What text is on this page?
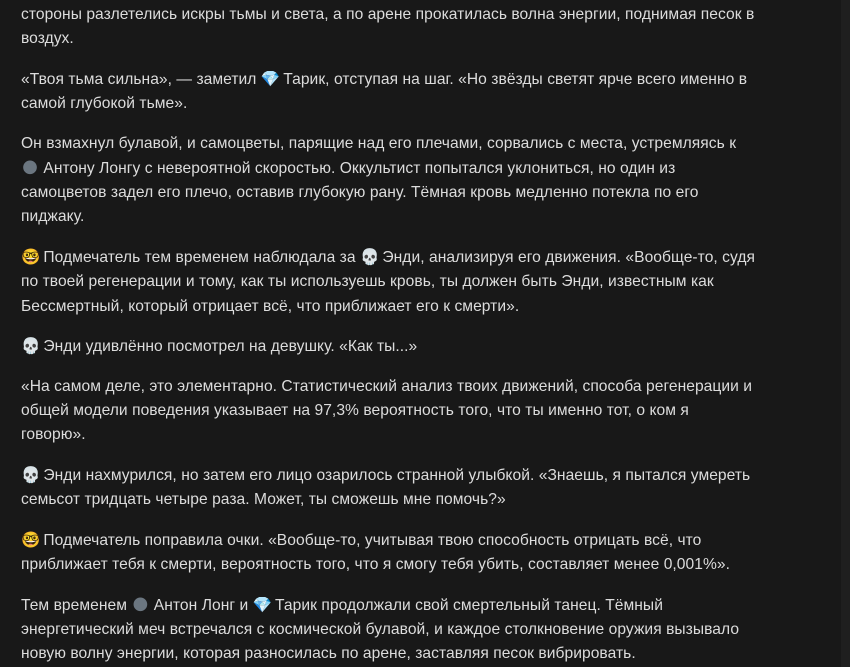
стороны разлетелись искры тьмы и света, а по арене прокатилась волна энергии, поднимая песок в воздух.

«Твоя тьма сильна», — заметил 💎 Тарик, отступая на шаг. «Но звёзды светят ярче всего именно в самой глубокой тьме».

Он взмахнул булавой, и самоцветы, парящие над его плечами, сорвались с места, устремляясь к 🌑 Антону Лонгу с невероятной скоростью. Оккультист попытался уклониться, но один из самоцветов задел его плечо, оставив глубокую рану. Тёмная кровь медленно потекла по его пиджаку.

🤓 Подмечатель тем временем наблюдала за 💀 Энди, анализируя его движения. «Вообще-то, судя по твоей регенерации и тому, как ты используешь кровь, ты должен быть Энди, известным как Бессмертный, который отрицает всё, что приближает его к смерти».

💀 Энди удивлённо посмотрел на девушку. «Как ты...»

«На самом деле, это элементарно. Статистический анализ твоих движений, способа регенерации и общей модели поведения указывает на 97,3% вероятность того, что ты именно тот, о ком я говорю».

💀 Энди нахмурился, но затем его лицо озарилось странной улыбкой. «Знаешь, я пытался умереть семьсот тридцать четыре раза. Может, ты сможешь мне помочь?»

🤓 Подмечатель поправила очки. «Вообще-то, учитывая твою способность отрицать всё, что приближает тебя к смерти, вероятность того, что я смогу тебя убить, составляет менее 0,001%».

Тем временем 🌑 Антон Лонг и 💎 Тарик продолжали свой смертельный танец. Тёмный энергетический меч встречался с космической булавой, и каждое столкновение оружия вызывало новую волну энергии, которая разносилась по арене, заставляя песок вибрировать.
